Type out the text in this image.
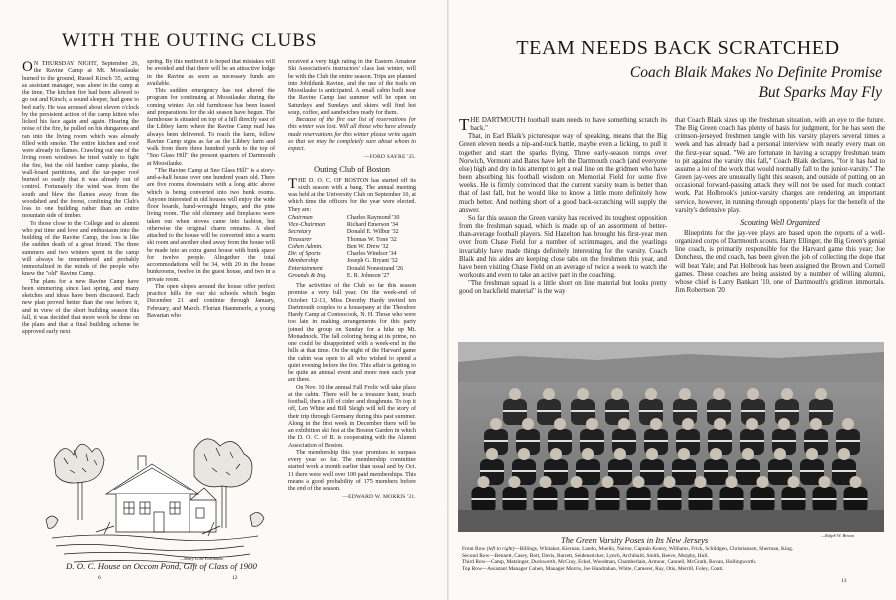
WITH THE OUTING CLUBS

O N THURSDAY NIGHT, September 26, the Ravine Camp at Mt. Moosilauke burned to the ground, Russel Kirsch '35, acting as assistant manager, was alone in the camp at the time. The kitchen fire had been allowed to go out and Kirsch, a sound sleeper, had gone to bed early. He was aroused about eleven o'clock by the persistent action of the camp kitten who licked his face again and again. Hearing the noise of the fire, he pulled on his dungarees and ran into the living room which was already filled with smoke. The entire kitchen and roof were already in flames. Crawling out one of the living room windows he tried vainly to fight the fire, but the old lumber camp planks, the wall-board partitions, and the tar-paper roof burned so easily that it was already out of control. Fortunately the wind was from the south and blew the flames away from the woodshed and the forest, confining the Club's loss to one building rather than an entire mountain side of timber.

To those close to the College and to alumni who put time and love and enthusiasm into the building of the Ravine Camp, the loss is like the sudden death of a great friend. The three summers and two winters spent in the camp will always be remembered and probably immortalized in the minds of the people who knew the "old" Ravine Camp.

The plans for a new Ravine Camp have been simmering since last spring, and many sketches and ideas have been discussed. Each new plan proved better than the one before it, and in view of the short building season this fall, it was decided that more work be done on the plans and that a final building scheme be approved early next

spring. By this method it is hoped that mistakes will be avoided and that there will be an attractive lodge in the Ravine as soon as necessary funds are available.

This sudden emergency has not altered the program for continuing at Moosilauke during the coming winter. An old farmhouse has been leased and preparations for the ski season have begun. The farmhouse is situated on top of a hill directly east of the Libbey farm where the Ravine Camp mail has always been delivered. To reach the farm, follow Ravine Camp signs as far as the Libbey farm and walk from there three hundred yards to the top of "Sno Glass Hill" the present quarters of Dartmouth at Moosilauke.

"The Ravine Camp at Sno Glass Hill" is a story-and-a-half house over one hundred years old. There are five rooms downstairs with a long attic above which is being converted into two bunk rooms. Anyone interested in old houses will enjoy the wide floor boards, hand-wrought hinges, and the pine living room. The old chimney and fireplaces were taken out when stoves came into fashion, but otherwise the original charm remains. A shed attached to the house will be converted into a warm ski room and another shed away from the house will be made into an extra guest house with bunk space for twelve people. Altogether the total accommodations will be 34, with 20 in the house bunkrooms, twelve in the guest house, and two in a private room.

The open slopes around the house offer perfect practice hills for our ski schools which begin December 21 and continue through January, February, and March. Florian Haemmerle, a young Bavarian who

received a very high rating in the Eastern Amateur Ski Association's instructors' class last winter, will be with the Club the entire season. Trips are planned into Jobildunk Ravine, and the use of the trails on Moosilauke is anticipated. A small cabin built near the Ravine Camp last summer will be open on Saturdays and Sundays and skiers will find hot soup, coffee, and sandwiches ready for them.

Because of the fire our list of reservations for this winter was lost. Will all those who have already made reservations for this winter please write again so that we may be completely sure about whom to expect.

—FORD SAYRE '35.
Outing Club of Boston

THE D. O. C. OF BOSTON has started off its sixth season with a bang. The annual meeting was held at the University Club on September 10, at which time the officers for the year were elected. They are:

Chairman	Charles Raymond '30
Vice-Chairman	Richard Emerson '34
Secretary	Donald E. Wilbur '32
Treasurer	Thomas W. Tone '32
Cohen Admin.	Ben W. Drew '32
Dir. of Sports	Charles Windsor '34
Membership	Joseph G. Bryant '32
Entertainment	Donald Nonestrand '26
Grounds & Inq.	E. R. Johnson '27

The activities of the Club so far this season promise a very full year. On the week-end of October 12-13, Miss Dorothy Hardy invited ten Dartmouth couples to a housepany at the Theodore Hardy Camp at Contoocook, N. H. Those who were too late in making arrangements for this party joined the group on Sunday for a hike up Mt. Monadnock. The fall coloring being at its prime, no one could be disappointed with a week-end in the hills at that time. On the night of the Harvard game the cabin was open to all who wished to spend a quiet evening before the fire. This affair is getting to be quite an annual event and more men each year are there.

On Nov. 10 the annual Fall Frolic will take place at the cabin. There will be a treasure hunt, touch football, then a fill of cider and doughnuts. To top it off, Len White and Bill Sleigh will tell the story of their trip through Germany during this past summer. Along in the first week in December there will be an exhibition ski fest at the Boston Garden in which the D. O. C. of B. is cooperating with the Alumni Association of Boston.

The membership this year promises to surpass every year so far. The membership committee started work a month earlier than usual and by Oct. 11 there were well over 100 paid memberships. This means a good probability of 175 members before the end of the season.

—EDWARD W. MORRIS '31.
—Mary Lord Fairbanks
D. O. C. House on Occom Pond, Gift of Class of 1900
6	12
TEAM NEEDS BACK SCRATCHED
Coach Blaik Makes No Definite Promise
But Sparks May Fly

THE DARTMOUTH football team needs to have something scratch its back."

That, in Earl Blaik's picturesque way of speaking, means that the Big Green eleven needs a nip-and-tuck battle, maybe even a licking, to pull it together and start the sparks flying. Three early-season romps over Norwich, Vermont and Bates have left the Dartmouth coach (and everyone else) high and dry in his attempt to get a real line on the gridmen who have been absorbing his football wisdom on Memorial Field for some five weeks. He is firmly convinced that the current varsity team is better than that of last fall, but he would like to know a little more definitely how much better. And nothing short of a good back-scratching will supply the answer.

So far this season the Green varsity has received its toughest opposition from the freshman squad, which is made up of an assortment of better-than-average football players. Sid Hazelton has brought his first-year men over from Chase Field for a number of scrimmages, and the yearlings invariably have made things definitely interesting for the varsity. Coach Blaik and his aides are keeping close tabs on the freshmen this year, and have been visiting Chase Field on an average of twice a week to watch the workouts and even to take an active part in the coaching.

"The freshman squad is a little short on line material but looks pretty good on backfield material" is the way

that Coach Blaik sizes up the freshman situation, with an eye to the future. The Big Green coach has plenty of basis for judgment, for he has seen the crimson-jerseyed freshmen tangle with his varsity players several times a week and has already had a personal interview with nearly every man on the first-year squad. "We are fortunate in having a scrappy freshman team to pit against the varsity this fall," Coach Blaik declares, "for it has had to assume a lot of the work that would normally fall to the junior-varsity." The Green jay-vees are unusually light this season, and outside of putting on an occasional forward-passing attack they will not be used for much contact work. Pat Holbrook's junior-varsity charges are rendering an important service, however, in running through opponents' plays for the benefit of the varsity's defensive play.

Scouting Well Organized

Blueprints for the jay-vee plays are based upon the reports of a well-organized corps of Dartmouth scouts. Harry Ellinger, the Big Green's genial line coach, is primarily responsible for the Harvard game this year; Joe Donchess, the end coach, has been given the job of collecting the dope that will beat Yale; and Pat Holbrook has been assigned the Brown and Cornell games. These coaches are being assisted by a number of willing alumni, whose chief is Larry Bankart '10, one of Dartmouth's gridiron immortals. Jim Robertson '20

—Ralph W. Brown
The Green Varsity Poses in Its New Jerseys

Front Row (left to right)—Billings, Whitaker, Kiernan, Lando, Muello, Nairne, Captain Kenny, Williams, Frick, Schildgen, Christiansen, Sherman, King.

Second Row—Bennett, Casey, Bott, Davis, Barrett, Seidensticker, Lynch, Archibald, Smith, Reeve, Murphy, Hull.

Third Row—Camp, Matzinger, Duckworth, McCray, Eckel, Woodman, Chamberlain, Armour, Cannell, McGrath, Bovan, Hollingworth.

Top Row—Assistant Manager Cohen, Manager Morris, Joe Handrahan, White, Camerer, Ray, Otis, Merrill, Foley, Conti.

13
